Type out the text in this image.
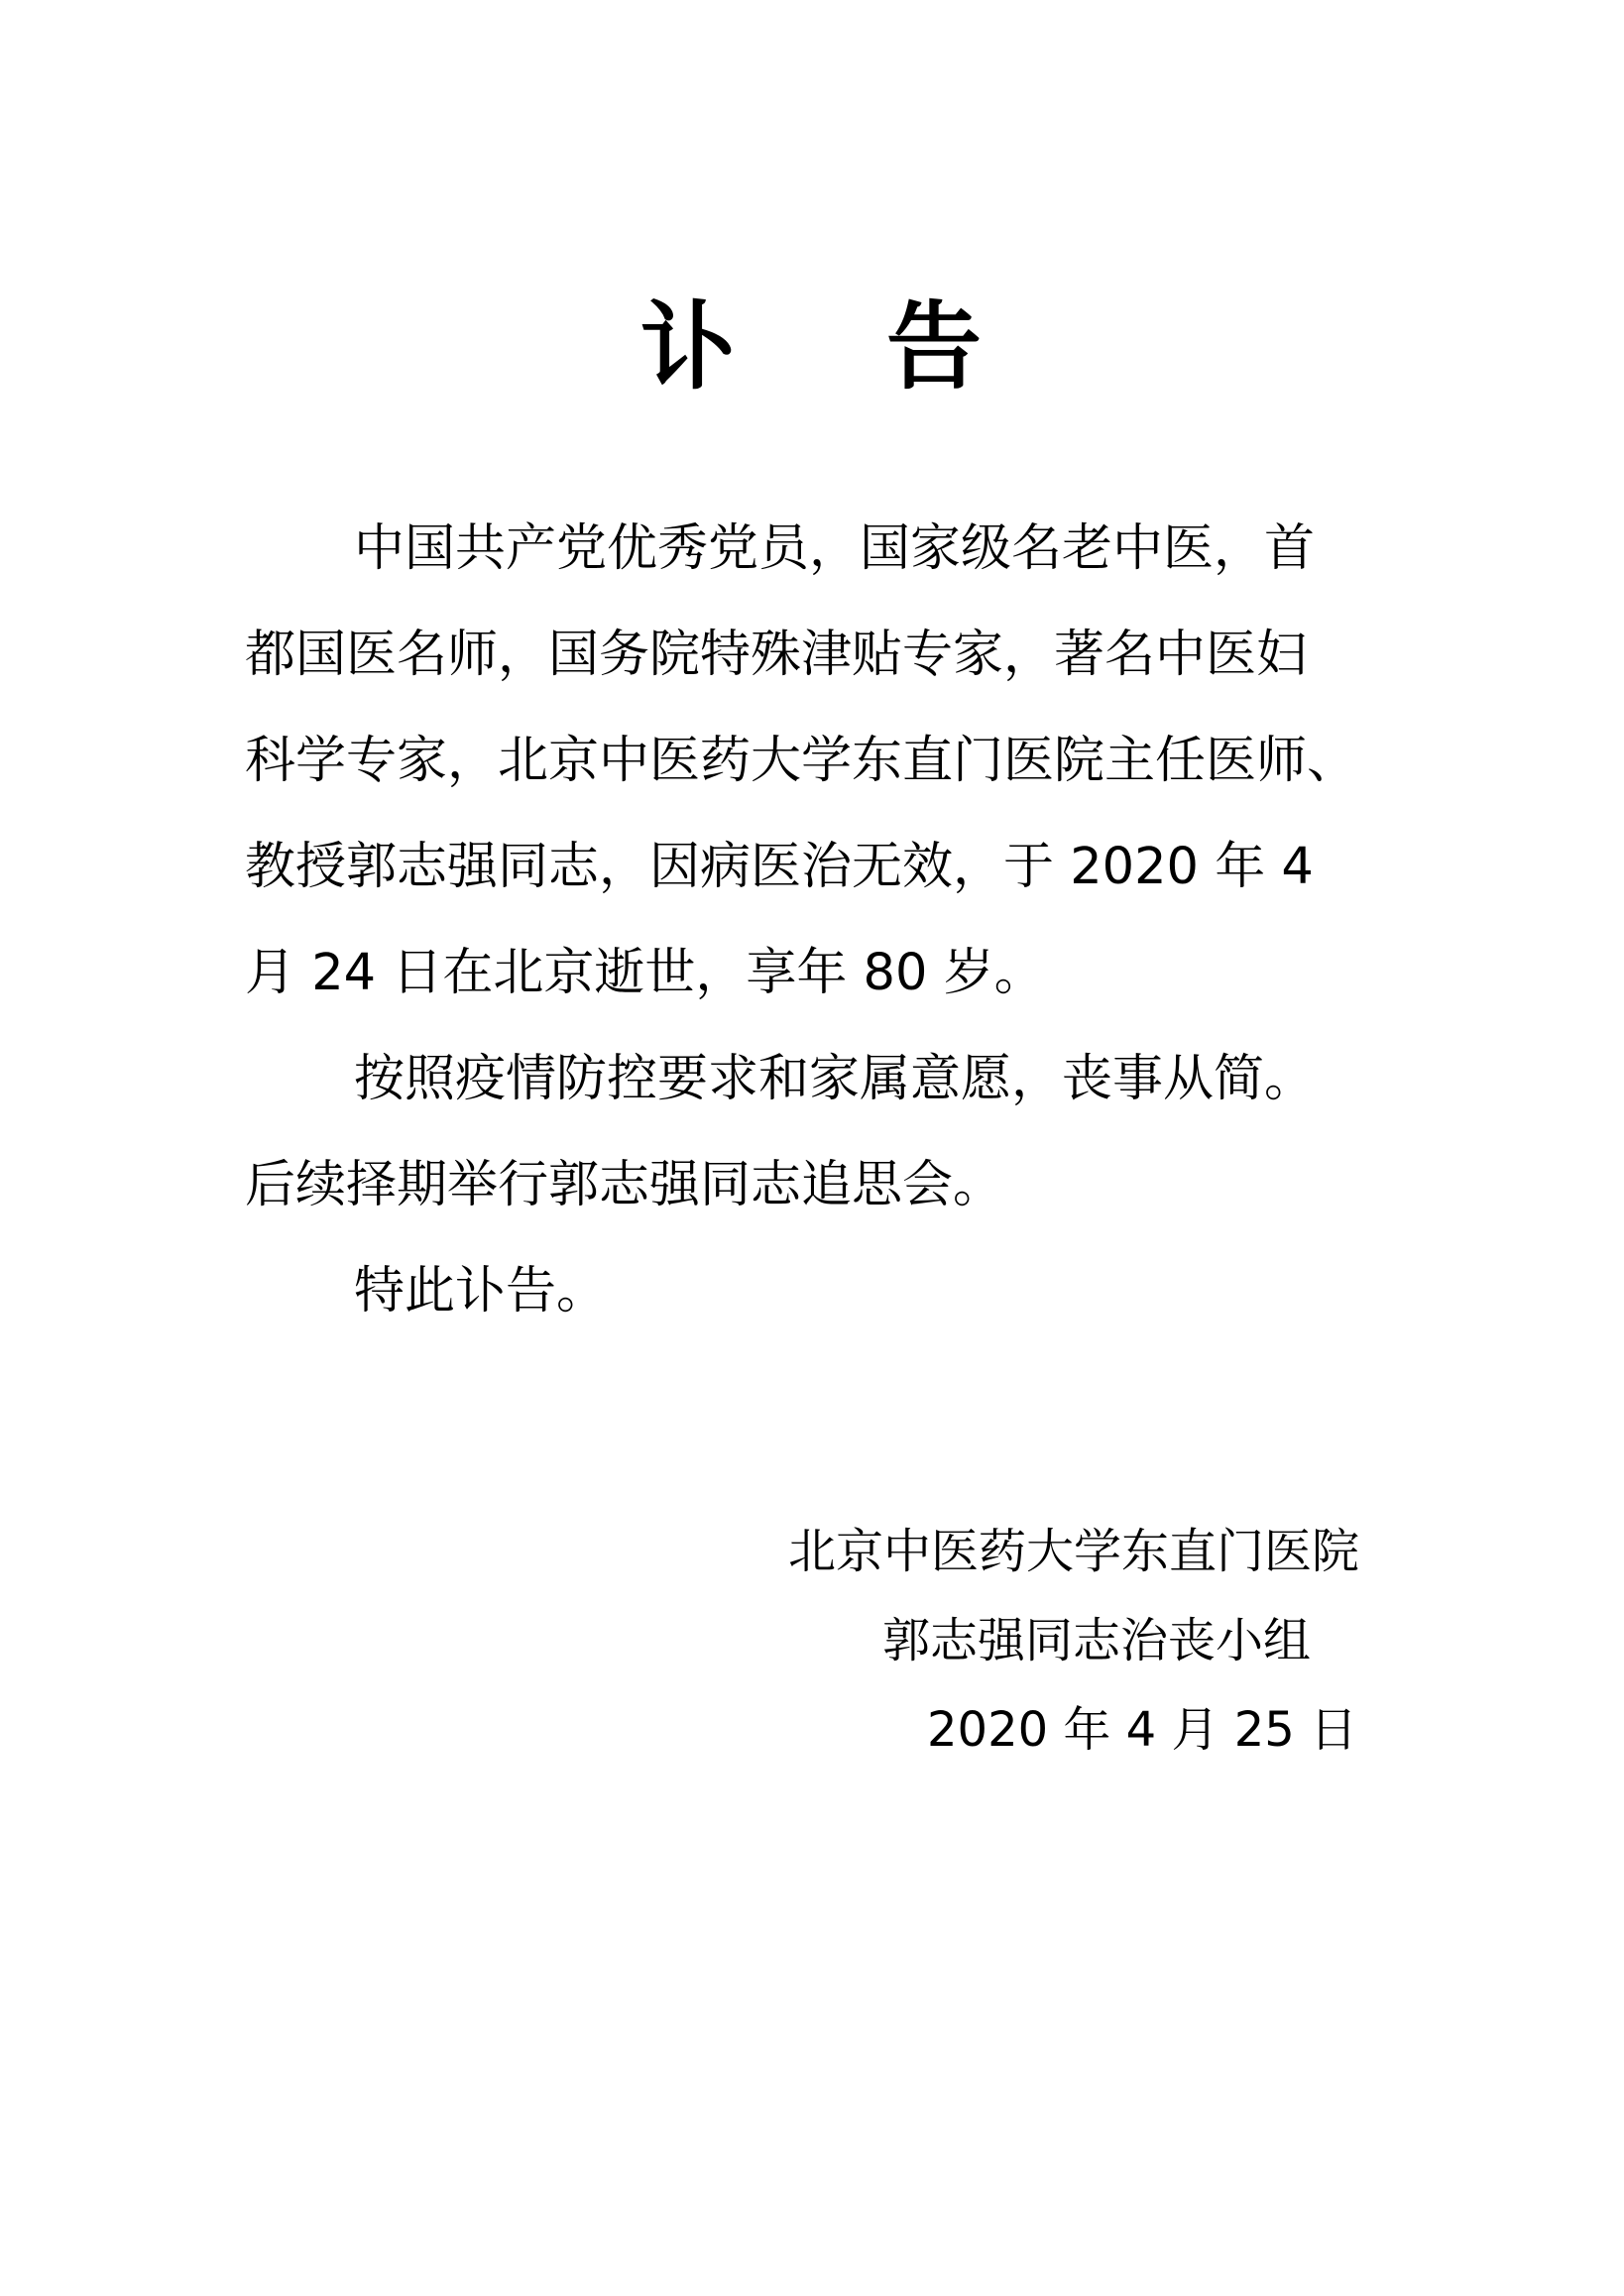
讣 告
中国共产党优秀党员，国家级名老中医，首
都国医名师，国务院特殊津贴专家，著名中医妇
科学专家，北京中医药大学东直门医院主任医师、
教授郭志强同志，因病医治无效，于 2020 年 4
月 24 日在北京逝世，享年 80 岁。
按照疫情防控要求和家属意愿，丧事从简。
后续择期举行郭志强同志追思会。
特此讣告。
北京中医药大学东直门医院
郭志强同志治丧小组
2020 年 4 月 25 日
